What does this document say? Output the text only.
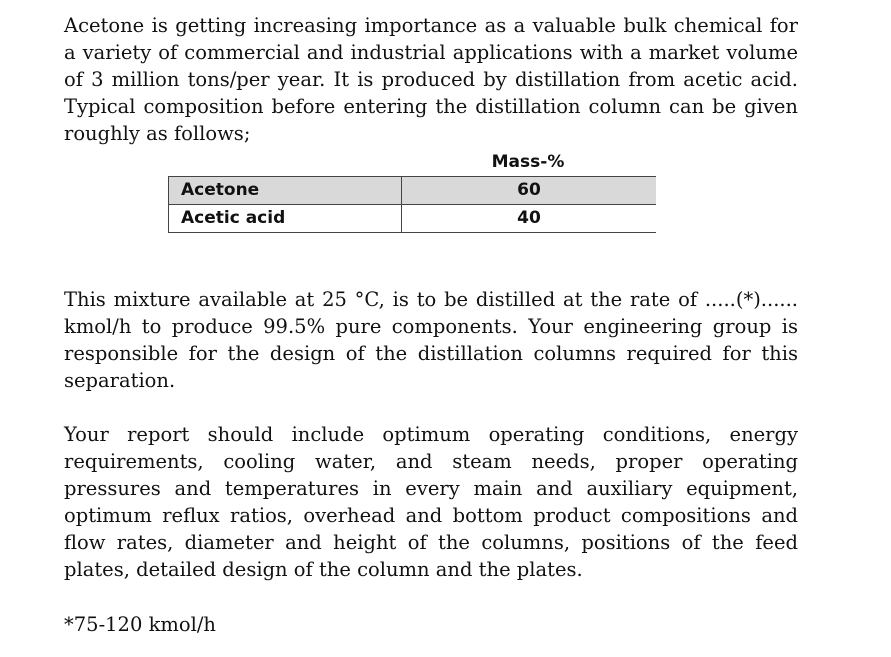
Acetone is getting increasing importance as a valuable bulk chemical for a variety of commercial and industrial applications with a market volume of 3 million tons/per year. It is produced by distillation from acetic acid. Typical composition before entering the distillation column can be given roughly as follows;

Mass-%
Acetone	60
Acetic acid	40

This mixture available at 25 °C, is to be distilled at the rate of .....(*)...... kmol/h to produce 99.5% pure components. Your engineering group is responsible for the design of the distillation columns required for this separation.

Your report should include optimum operating conditions, energy requirements, cooling water, and steam needs, proper operating pressures and temperatures in every main and auxiliary equipment, optimum reflux ratios, overhead and bottom product compositions and flow rates, diameter and height of the columns, positions of the feed plates, detailed design of the column and the plates.

*75-120 kmol/h
